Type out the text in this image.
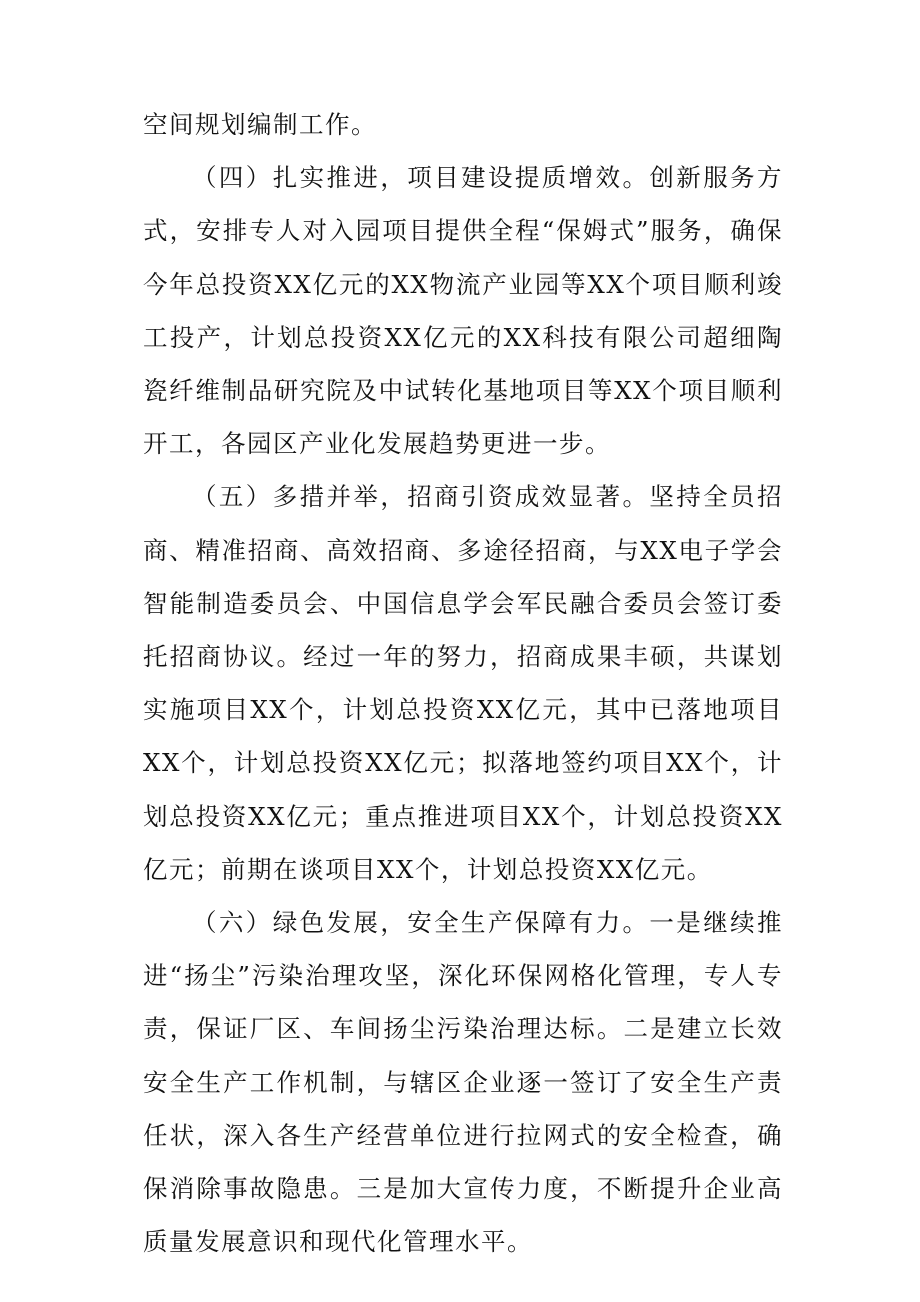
空间规划编制工作。

（四）扎实推进，项目建设提质增效。创新服务方式，安排专人对入园项目提供全程“保姆式”服务，确保今年总投资XX亿元的XX物流产业园等XX个项目顺利竣工投产，计划总投资XX亿元的XX科技有限公司超细陶瓷纤维制品研究院及中试转化基地项目等XX个项目顺利开工，各园区产业化发展趋势更进一步。

（五）多措并举，招商引资成效显著。坚持全员招商、精准招商、高效招商、多途径招商，与XX电子学会智能制造委员会、中国信息学会军民融合委员会签订委托招商协议。经过一年的努力，招商成果丰硕，共谋划实施项目XX个，计划总投资XX亿元，其中已落地项目XX个，计划总投资XX亿元；拟落地签约项目XX个，计划总投资XX亿元；重点推进项目XX个，计划总投资XX亿元；前期在谈项目XX个，计划总投资XX亿元。

（六）绿色发展，安全生产保障有力。一是继续推进“扬尘”污染治理攻坚，深化环保网格化管理，专人专责，保证厂区、车间扬尘污染治理达标。二是建立长效安全生产工作机制，与辖区企业逐一签订了安全生产责任状，深入各生产经营单位进行拉网式的安全检查，确保消除事故隐患。三是加大宣传力度，不断提升企业高质量发展意识和现代化管理水平。
